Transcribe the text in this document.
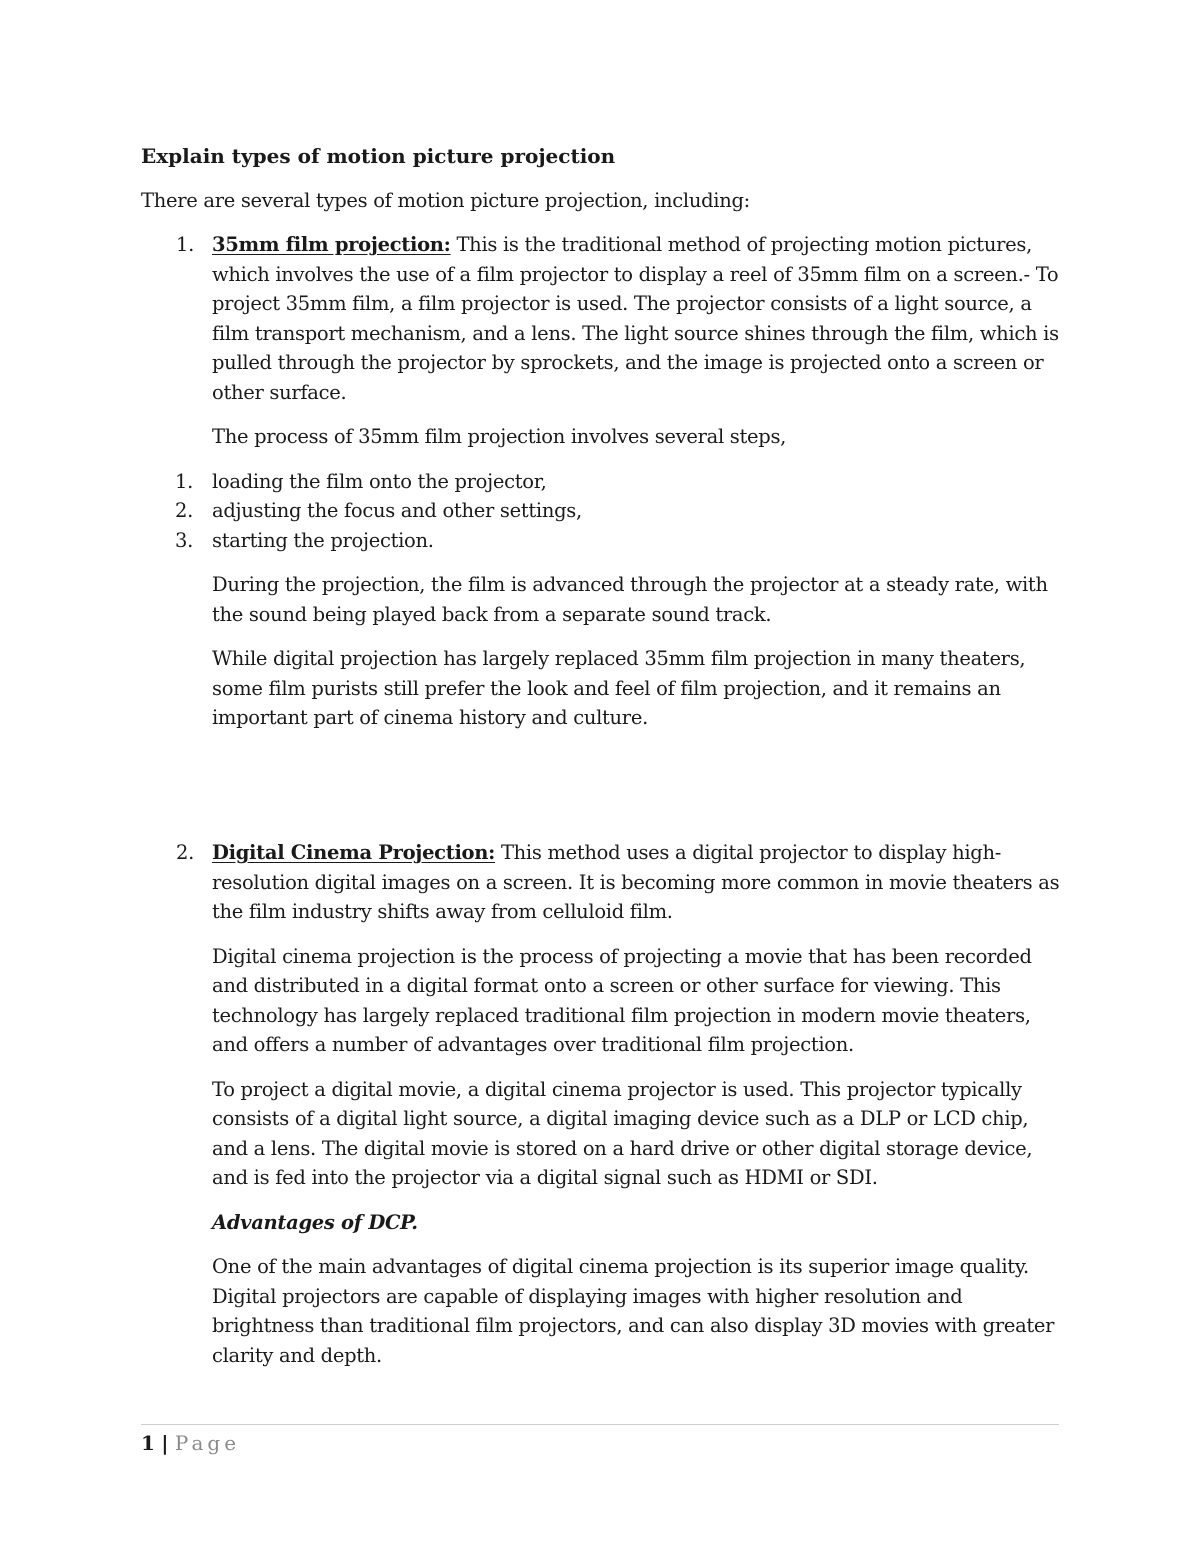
Explain types of motion picture projection
There are several types of motion picture projection, including:
1. 35mm film projection: This is the traditional method of projecting motion pictures, which involves the use of a film projector to display a reel of 35mm film on a screen.- To project 35mm film, a film projector is used. The projector consists of a light source, a film transport mechanism, and a lens. The light source shines through the film, which is pulled through the projector by sprockets, and the image is projected onto a screen or other surface.

The process of 35mm film projection involves several steps,

1. loading the film onto the projector,
2. adjusting the focus and other settings,
3. starting the projection.

During the projection, the film is advanced through the projector at a steady rate, with the sound being played back from a separate sound track.

While digital projection has largely replaced 35mm film projection in many theaters, some film purists still prefer the look and feel of film projection, and it remains an important part of cinema history and culture.

2. Digital Cinema Projection: This method uses a digital projector to display high-resolution digital images on a screen. It is becoming more common in movie theaters as the film industry shifts away from celluloid film.

Digital cinema projection is the process of projecting a movie that has been recorded and distributed in a digital format onto a screen or other surface for viewing. This technology has largely replaced traditional film projection in modern movie theaters, and offers a number of advantages over traditional film projection.

To project a digital movie, a digital cinema projector is used. This projector typically consists of a digital light source, a digital imaging device such as a DLP or LCD chip, and a lens. The digital movie is stored on a hard drive or other digital storage device, and is fed into the projector via a digital signal such as HDMI or SDI.

Advantages of DCP.

One of the main advantages of digital cinema projection is its superior image quality. Digital projectors are capable of displaying images with higher resolution and brightness than traditional film projectors, and can also display 3D movies with greater clarity and depth.

1 | Page
